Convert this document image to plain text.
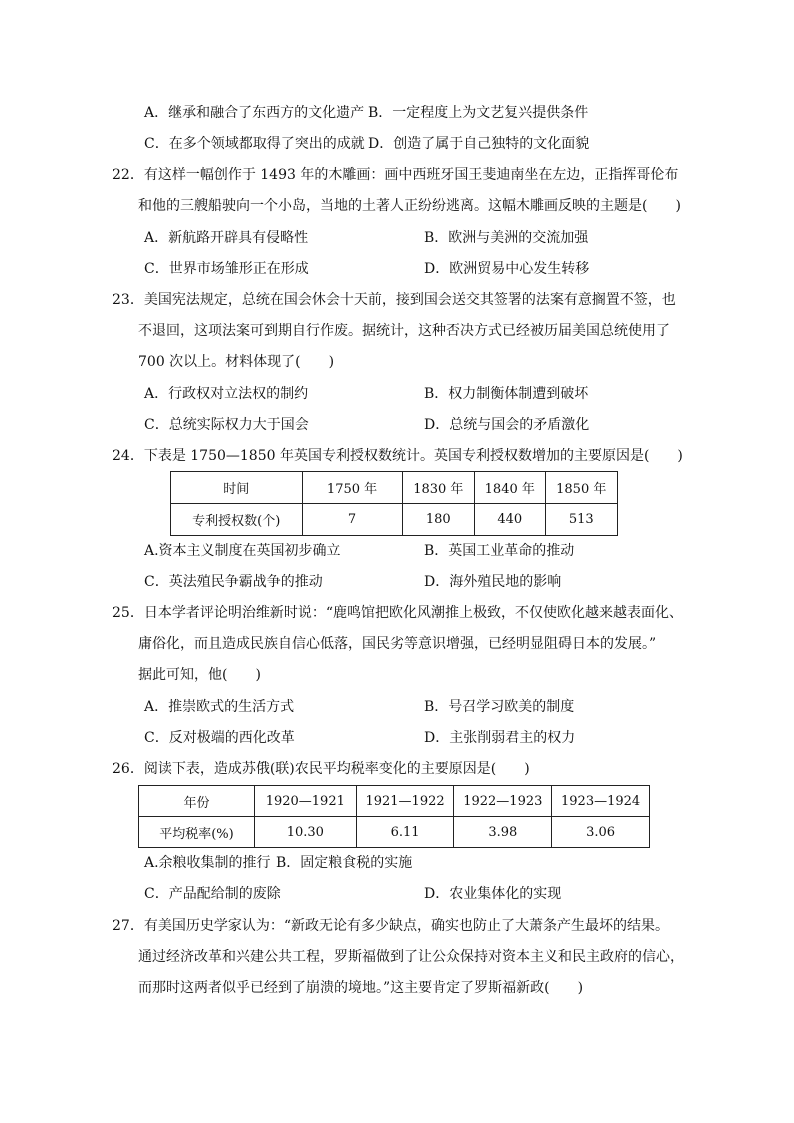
A．继承和融合了东西方的文化遗产 B．一定程度上为文艺复兴提供条件
C．在多个领域都取得了突出的成就 D．创造了属于自己独特的文化面貌
22．有这样一幅创作于 1493 年的木雕画：画中西班牙国王斐迪南坐在左边，正指挥哥伦布
和他的三艘船驶向一个小岛，当地的土著人正纷纷逃离。这幅木雕画反映的主题是(　　)
A．新航路开辟具有侵略性	B．欧洲与美洲的交流加强
C．世界市场雏形正在形成	D．欧洲贸易中心发生转移
23．美国宪法规定，总统在国会休会十天前，接到国会送交其签署的法案有意搁置不签，也
不退回，这项法案可到期自行作废。据统计，这种否决方式已经被历届美国总统使用了
700 次以上。材料体现了(　　)
A．行政权对立法权的制约	B．权力制衡体制遭到破坏
C．总统实际权力大于国会	D．总统与国会的矛盾激化
24．下表是 1750—1850 年英国专利授权数统计。英国专利授权数增加的主要原因是(　　)
时间	1750 年	1830 年	1840 年	1850 年
专利授权数(个)	7	180	440	513
A.资本主义制度在英国初步确立	B．英国工业革命的推动
C．英法殖民争霸战争的推动	D．海外殖民地的影响
25．日本学者评论明治维新时说：“鹿鸣馆把欧化风潮推上极致，不仅使欧化越来越表面化、
庸俗化，而且造成民族自信心低落，国民劣等意识增强，已经明显阻碍日本的发展。”
据此可知，他(　　)
A．推崇欧式的生活方式	B．号召学习欧美的制度
C．反对极端的西化改革	D．主张削弱君主的权力
26．阅读下表，造成苏俄(联)农民平均税率变化的主要原因是(　　)
年份	1920—1921	1921—1922	1922—1923	1923—1924
平均税率(%)	10.30	6.11	3.98	3.06
A.余粮收集制的推行 B．固定粮食税的实施
C．产品配给制的废除	D．农业集体化的实现
27．有美国历史学家认为：“新政无论有多少缺点，确实也防止了大萧条产生最坏的结果。
通过经济改革和兴建公共工程，罗斯福做到了让公众保持对资本主义和民主政府的信心，
而那时这两者似乎已经到了崩溃的境地。”这主要肯定了罗斯福新政(　　)
